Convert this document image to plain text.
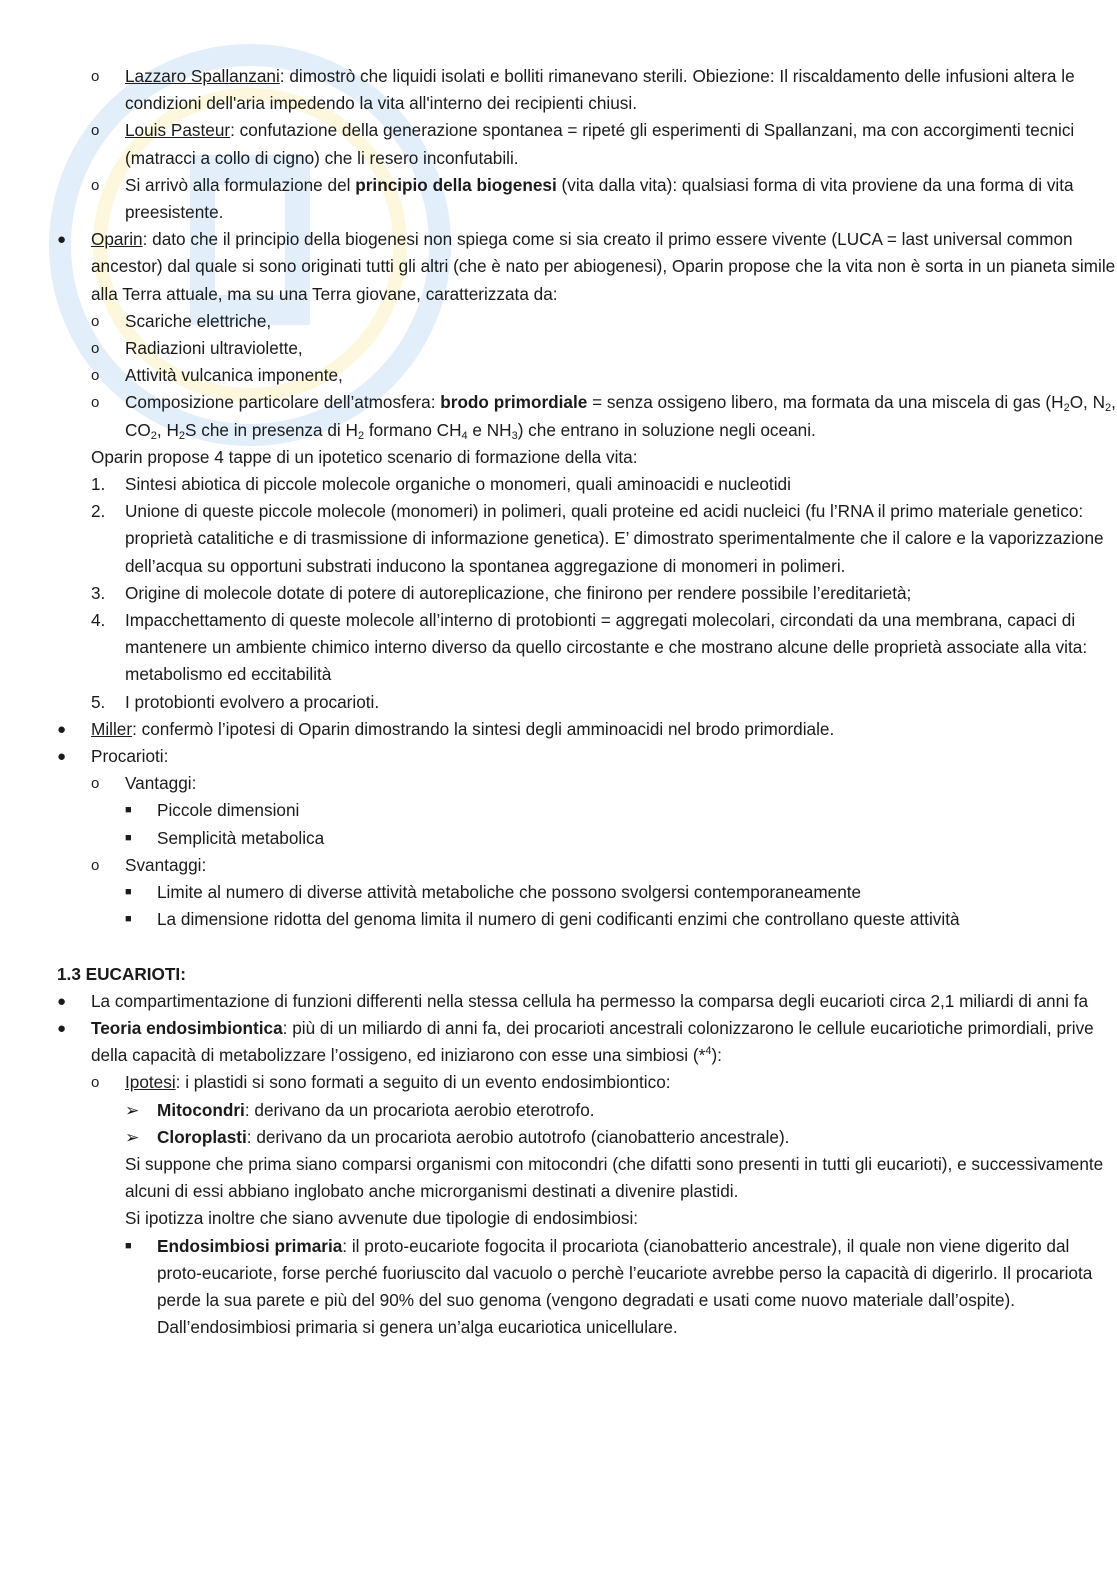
o Lazzaro Spallanzani: dimostrò che liquidi isolati e bolliti rimanevano sterili. Obiezione: Il riscaldamento delle infusioni altera le condizioni dell'aria impedendo la vita all'interno dei recipienti chiusi.
o Louis Pasteur: confutazione della generazione spontanea = ripeté gli esperimenti di Spallanzani, ma con accorgimenti tecnici (matracci a collo di cigno) che li resero inconfutabili.
o Si arrivò alla formulazione del principio della biogenesi (vita dalla vita): qualsiasi forma di vita proviene da una forma di vita preesistente.
● Oparin: dato che il principio della biogenesi non spiega come si sia creato il primo essere vivente (LUCA = last universal common ancestor) dal quale si sono originati tutti gli altri (che è nato per abiogenesi), Oparin propose che la vita non è sorta in un pianeta simile alla Terra attuale, ma su una Terra giovane, caratterizzata da:
o Scariche elettriche,
o Radiazioni ultraviolette,
o Attività vulcanica imponente,
o Composizione particolare dell’atmosfera: brodo primordiale = senza ossigeno libero, ma formata da una miscela di gas ($H_2O$, $N_2$, $CO_2$, $H_2S$ che in presenza di $H_2$ formano $CH_4$ e $NH_3$) che entrano in soluzione negli oceani.
Oparin propose 4 tappe di un ipotetico scenario di formazione della vita:
1. Sintesi abiotica di piccole molecole organiche o monomeri, quali aminoacidi e nucleotidi
2. Unione di queste piccole molecole (monomeri) in polimeri, quali proteine ed acidi nucleici (fu l’RNA il primo materiale genetico: proprietà catalitiche e di trasmissione di informazione genetica). E’ dimostrato sperimentalmente che il calore e la vaporizzazione dell’acqua su opportuni substrati inducono la spontanea aggregazione di monomeri in polimeri.
3. Origine di molecole dotate di potere di autoreplicazione, che finirono per rendere possibile l’ereditarietà;
4. Impacchettamento di queste molecole all’interno di protobionti = aggregati molecolari, circondati da una membrana, capaci di mantenere un ambiente chimico interno diverso da quello circostante e che mostrano alcune delle proprietà associate alla vita: metabolismo ed eccitabilità
5. I protobionti evolvero a procarioti.
● Miller: confermò l’ipotesi di Oparin dimostrando la sintesi degli amminoacidi nel brodo primordiale.
● Procarioti:
o Vantaggi:
■ Piccole dimensioni
■ Semplicità metabolica
o Svantaggi:
■ Limite al numero di diverse attività metaboliche che possono svolgersi contemporaneamente
■ La dimensione ridotta del genoma limita il numero di geni codificanti enzimi che controllano queste attività
1.3 EUCARIOTI:
● La compartimentazione di funzioni differenti nella stessa cellula ha permesso la comparsa degli eucarioti circa 2,1 miliardi di anni fa
● Teoria endosimbiontica: più di un miliardo di anni fa, dei procarioti ancestrali colonizzarono le cellule eucariotiche primordiali, prive della capacità di metabolizzare l’ossigeno, ed iniziarono con esse una simbiosi (*$^4$):
o Ipotesi: i plastidi si sono formati a seguito di un evento endosimbiontico:
➢ Mitocondri: derivano da un procariota aerobio eterotrofo.
➢ Cloroplasti: derivano da un procariota aerobio autotrofo (cianobatterio ancestrale).
Si suppone che prima siano comparsi organismi con mitocondri (che difatti sono presenti in tutti gli eucarioti), e successivamente alcuni di essi abbiano inglobato anche microrganismi destinati a divenire plastidi.
Si ipotizza inoltre che siano avvenute due tipologie di endosimbiosi:
■ Endosimbiosi primaria: il proto-eucariote fogocita il procariota (cianobatterio ancestrale), il quale non viene digerito dal proto-eucariote, forse perché fuoriuscito dal vacuolo o perchè l’eucariote avrebbe perso la capacità di digerirlo. Il procariota perde la sua parete e più del 90% del suo genoma (vengono degradati e usati come nuovo materiale dall’ospite). Dall’endosimbiosi primaria si genera un’alga eucariotica unicellulare.
